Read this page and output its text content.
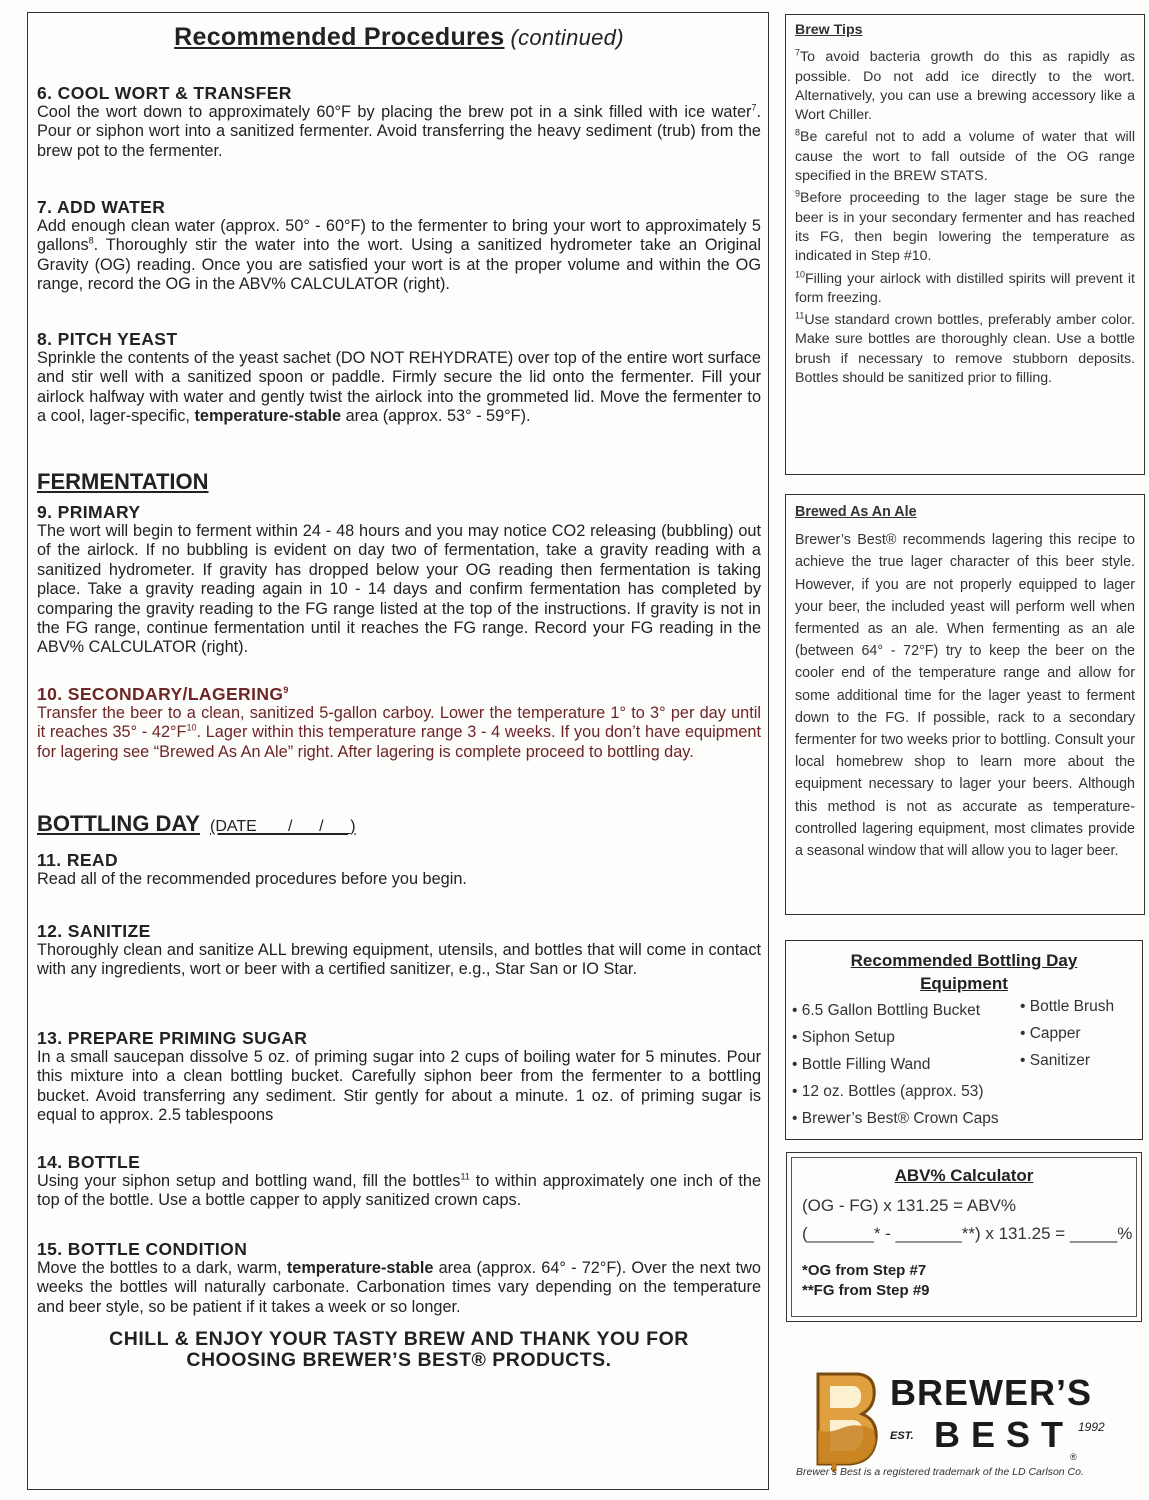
Recommended Procedures (continued)

6. COOL WORT & TRANSFER

Cool the wort down to approximately 60°F by placing the brew pot in a sink filled with ice water$^7$. Pour or siphon wort into a sanitized fermenter. Avoid transferring the heavy sediment (trub) from the brew pot to the fermenter.

7. ADD WATER

Add enough clean water (approx. 50° - 60°F) to the fermenter to bring your wort to approximately 5 gallons$^8$. Thoroughly stir the water into the wort. Using a sanitized hydrometer take an Original Gravity (OG) reading. Once you are satisfied your wort is at the proper volume and within the OG range, record the OG in the ABV% CALCULATOR (right).

8. PITCH YEAST

Sprinkle the contents of the yeast sachet (DO NOT REHYDRATE) over top of the entire wort surface and stir well with a sanitized spoon or paddle. Firmly secure the lid onto the fermenter. Fill your airlock halfway with water and gently twist the airlock into the grommeted lid. Move the fermenter to a cool, lager-specific, temperature-stable area (approx. 53° - 59°F).

FERMENTATION

9. PRIMARY

The wort will begin to ferment within 24 - 48 hours and you may notice CO2 releasing (bubbling) out of the airlock. If no bubbling is evident on day two of fermentation, take a gravity reading with a sanitized hydrometer. If gravity has dropped below your OG reading then fermentation is taking place. Take a gravity reading again in 10 - 14 days and confirm fermentation has completed by comparing the gravity reading to the FG range listed at the top of the instructions. If gravity is not in the FG range, continue fermentation until it reaches the FG range. Record your FG reading in the ABV% CALCULATOR (right).

10. SECONDARY/LAGERING$^9$

Transfer the beer to a clean, sanitized 5-gallon carboy. Lower the temperature 1° to 3° per day until it reaches $35^\circ - 42^\circ F^{10}$. Lager within this temperature range 3 - 4 weeks. If you don’t have equipment for lagering see “Brewed As An Ale” right. After lagering is complete proceed to bottling day.

BOTTLING DAY (DATE ___/___/___)

11. READ

Read all of the recommended procedures before you begin.

12. SANITIZE

Thoroughly clean and sanitize ALL brewing equipment, utensils, and bottles that will come in contact with any ingredients, wort or beer with a certified sanitizer, e.g., Star San or IO Star.

13. PREPARE PRIMING SUGAR

In a small saucepan dissolve 5 oz. of priming sugar into 2 cups of boiling water for 5 minutes. Pour this mixture into a clean bottling bucket. Carefully siphon beer from the fermenter to a bottling bucket. Avoid transferring any sediment. Stir gently for about a minute. 1 oz. of priming sugar is equal to approx. 2.5 tablespoons

14. BOTTLE

Using your siphon setup and bottling wand, fill the bottles$^{11}$ to within approximately one inch of the top of the bottle. Use a bottle capper to apply sanitized crown caps.

15. BOTTLE CONDITION

Move the bottles to a dark, warm, temperature-stable area (approx. 64° - 72°F). Over the next two weeks the bottles will naturally carbonate. Carbonation times vary depending on the temperature and beer style, so be patient if it takes a week or so longer.

CHILL & ENJOY YOUR TASTY BREW AND THANK YOU FOR
CHOOSING BREWER’S BEST® PRODUCTS.

Brew Tips

$^7$To avoid bacteria growth do this as rapidly as possible. Do not add ice directly to the wort. Alternatively, you can use a brewing accessory like a Wort Chiller.

$^8$Be careful not to add a volume of water that will cause the wort to fall outside of the OG range specified in the BREW STATS.

$^9$Before proceeding to the lager stage be sure the beer is in your secondary fermenter and has reached its FG, then begin lowering the temperature as indicated in Step #10.

$^{10}$Filling your airlock with distilled spirits will prevent it form freezing.

$^{11}$Use standard crown bottles, preferably amber color. Make sure bottles are thoroughly clean. Use a bottle brush if necessary to remove stubborn deposits. Bottles should be sanitized prior to filling.

Brewed As An Ale

Brewer’s Best® recommends lagering this recipe to achieve the true lager character of this beer style. However, if you are not properly equipped to lager your beer, the included yeast will perform well when fermented as an ale. When fermenting as an ale (between 64° - 72°F) try to keep the beer on the cooler end of the temperature range and allow for some additional time for the lager yeast to ferment down to the FG. If possible, rack to a secondary fermenter for two weeks prior to bottling. Consult your local homebrew shop to learn more about the equipment necessary to lager your beers. Although this method is not as accurate as temperature-controlled lagering equipment, most climates provide a seasonal window that will allow you to lager beer.

Recommended Bottling Day
Equipment
• 6.5 Gallon Bottling Bucket
• Siphon Setup
• Bottle Filling Wand
• 12 oz. Bottles (approx. 53)
• Brewer’s Best® Crown Caps
• Bottle Brush
• Capper
• Sanitizer
ABV% Calculator
(OG - FG) x 131.25 = ABV%
(_______* - _______**) x 131.25 = _____%
*OG from Step #7
**FG from Step #9
BREWER’S
EST. BEST 1992
®
Brewer’s Best is a registered trademark of the LD Carlson Co.
